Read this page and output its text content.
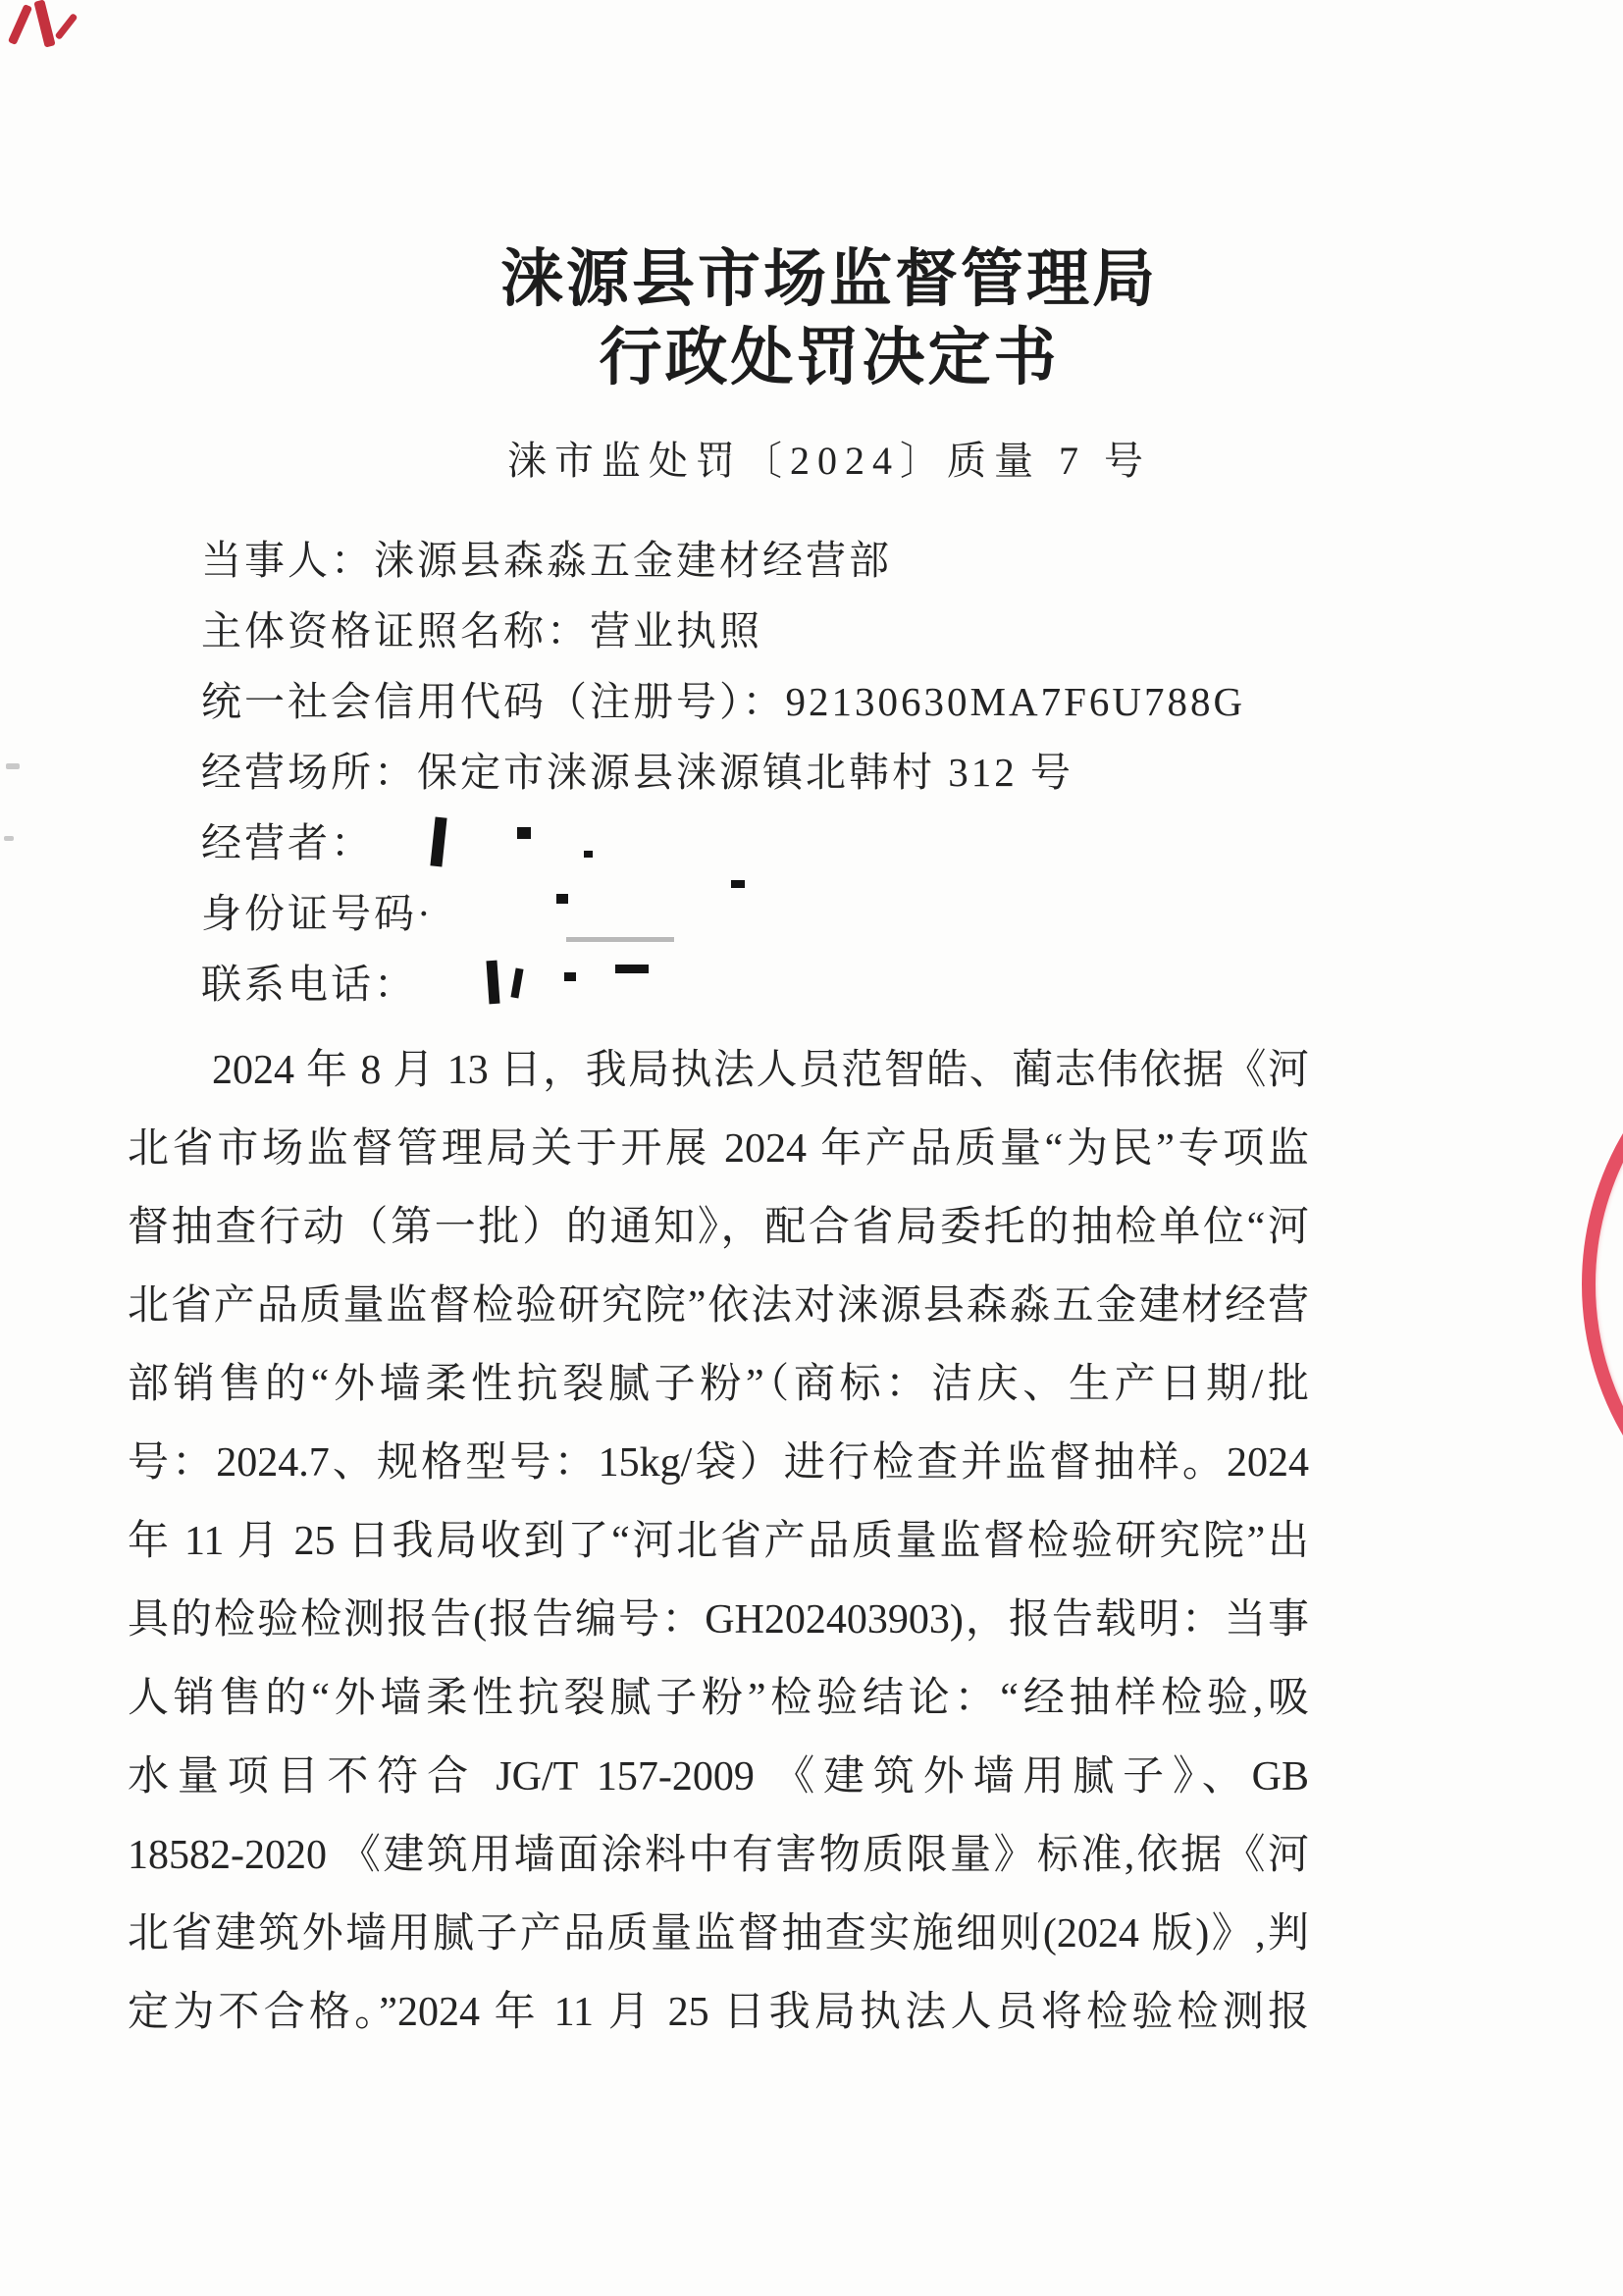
涞源县市场监督管理局
行政处罚决定书
涞市监处罚〔2024〕质量 7 号
当事人：涞源县森淼五金建材经营部
主体资格证照名称：营业执照
统一社会信用代码（注册号）：92130630MA7F6U788G
经营场所：保定市涞源县涞源镇北韩村 312 号
经营者：
身份证号码·
联系电话：
2024 年 8 月 13 日，我局执法人员范智皓、蔺志伟依据《河
北省市场监督管理局关于开展 2024 年产品质量“为民”专项监
督抽查行动（第一批）的通知》，配合省局委托的抽检单位“河
北省产品质量监督检验研究院”依法对涞源县森淼五金建材经营
部销售的“外墙柔性抗裂腻子粉”（商标：洁庆、生产日期/批
号：2024.7、规格型号：15kg/袋）进行检查并监督抽样。2024
年 11 月 25 日我局收到了“河北省产品质量监督检验研究院”出
具的检验检测报告(报告编号：GH202403903)，报告载明：当事
人销售的“外墙柔性抗裂腻子粉”检验结论：“经抽样检验,吸
水量项目不符合 JG/T 157-2009 《建筑外墙用腻子》、GB
18582-2020 《建筑用墙面涂料中有害物质限量》标准,依据《河
北省建筑外墙用腻子产品质量监督抽查实施细则(2024 版)》,判
定为不合格。”2024 年 11 月 25 日我局执法人员将检验检测报
